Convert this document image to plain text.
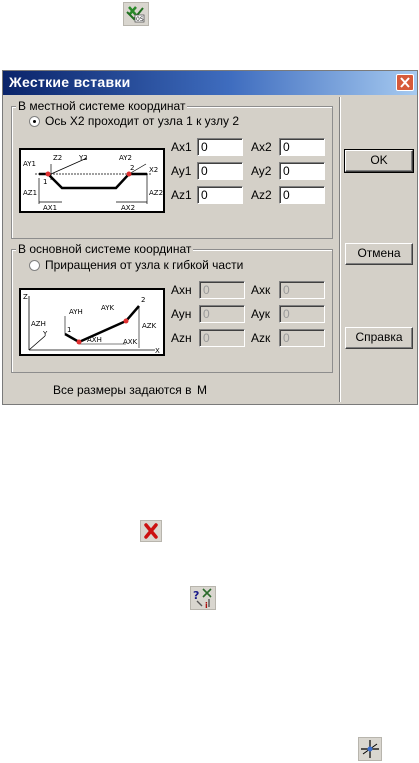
0S
Жесткие вставки
В местной системе координат
Ось X2 проходит от узла 1 к узлу 2
AY1
Z2 Y2	AY2
X2
1
2
AZ1	AZ2
AX1	AX2
Ax1 0	Ax2 0
Ay1 0	Ay2 0
Az1 0	Az2 0
В основной системе координат
Приращения от узла к гибкой части
Z
AYН	AYK
2
AZН
1	AZK
Y
AXН	AXK
X
Axн 0	Axк	0
Ayн 0	Ayк	0
Azн 0	Azк	0
Все размеры задаются в М
OK
Отмена
Справка
?
i
